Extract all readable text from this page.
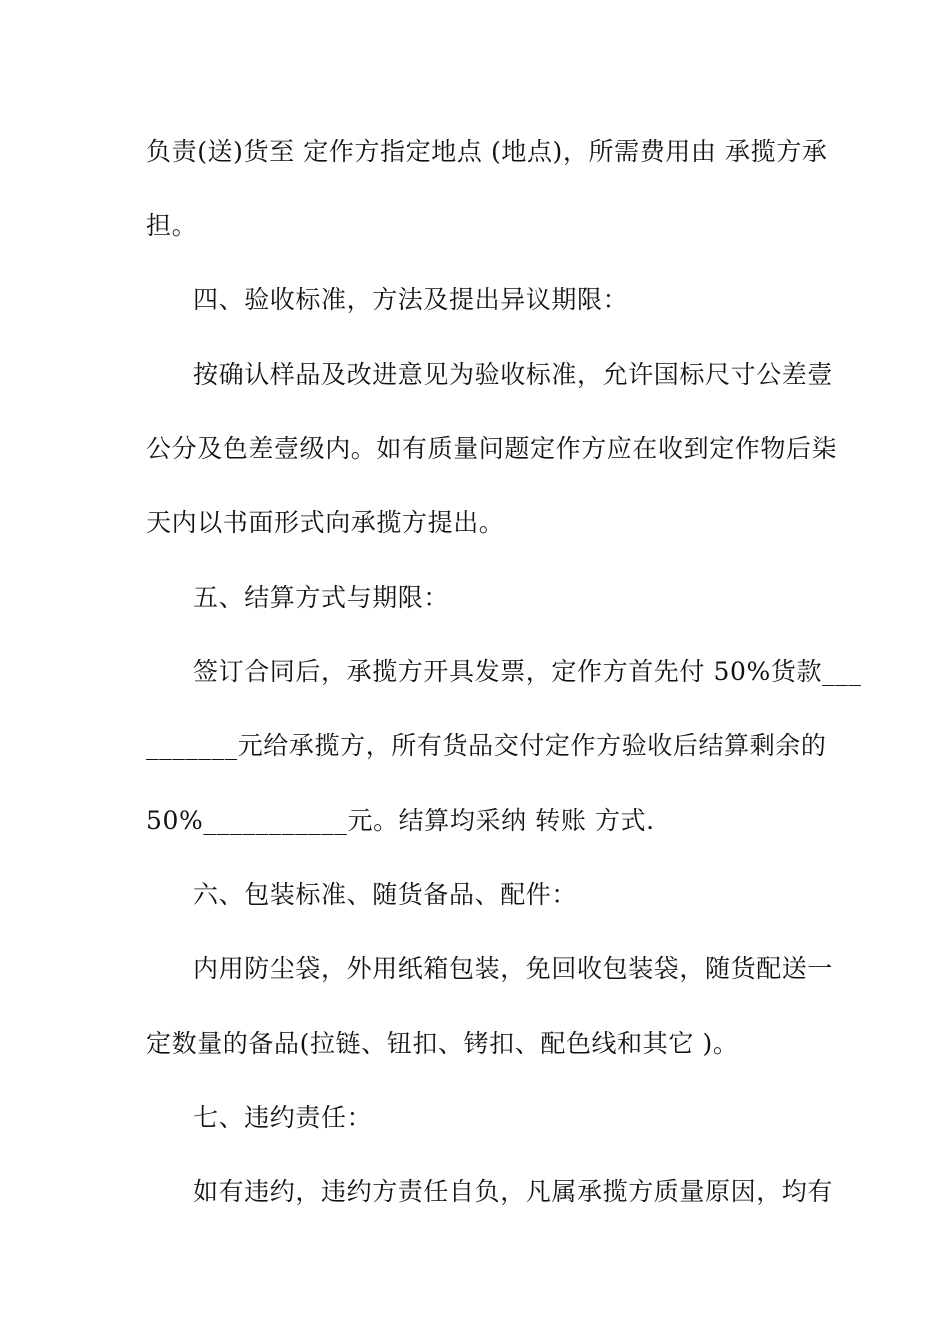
负责(送)货至 定作方指定地点 (地点)，所需费用由 承揽方承
担。
四、验收标准，方法及提出异议期限：
按确认样品及改进意见为验收标准，允许国标尺寸公差壹
公分及色差壹级内。如有质量问题定作方应在收到定作物后柒
天内以书面形式向承揽方提出。
五、结算方式与期限：
签订合同后，承揽方开具发票，定作方首先付 50%货款___
_______元给承揽方，所有货品交付定作方验收后结算剩余的
50%___________元。结算均采纳 转账 方式.
六、包装标准、随货备品、配件：
内用防尘袋，外用纸箱包装，免回收包装袋，随货配送一
定数量的备品(拉链、钮扣、铐扣、配色线和其它 )。
七、违约责任：
如有违约，违约方责任自负，凡属承揽方质量原因，均有
